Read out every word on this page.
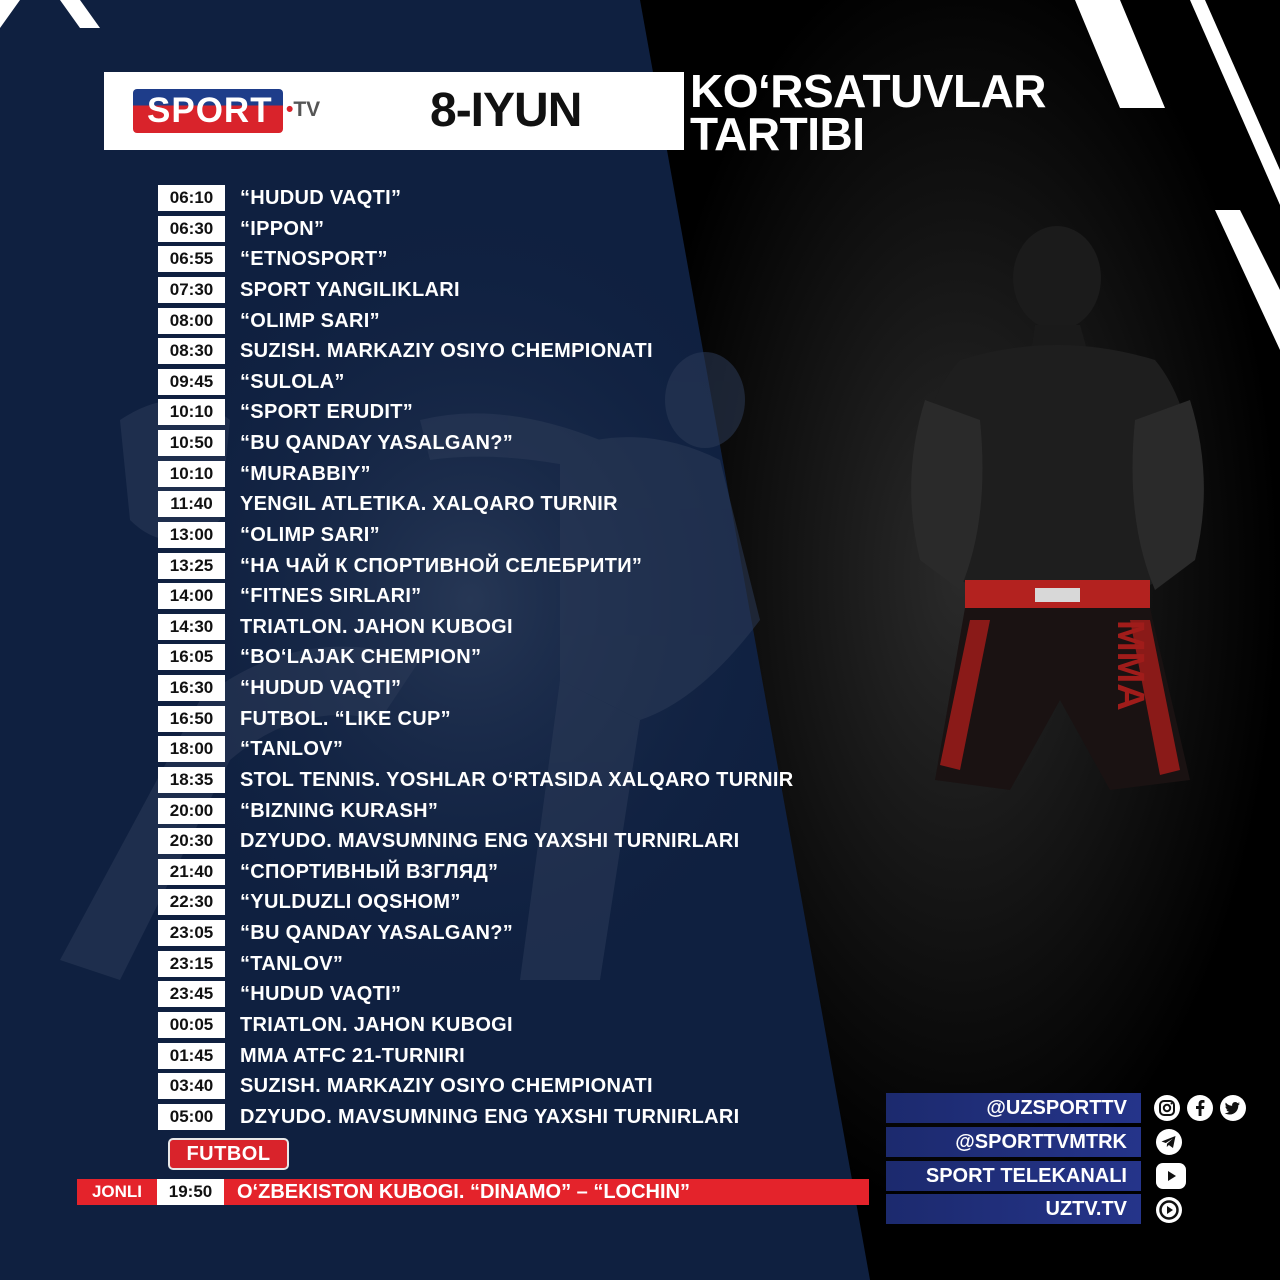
MMA
SPORT •TV 8-IYUN KO‘RSATUVLAR
TARTIBI
06:10	“HUDUD VAQTI”
06:30	“IPPON”
06:55	“ETNOSPORT”
07:30	SPORT YANGILIKLARI
08:00	“OLIMP SARI”
08:30	SUZISH. MARKAZIY OSIYO CHEMPIONATI
09:45	“SULOLA”
10:10	“SPORT ERUDIT”
10:50	“BU QANDAY YASALGAN?”
10:10	“MURABBIY”
11:40	YENGIL ATLETIKA. XALQARO TURNIR
13:00	“OLIMP SARI”
13:25	“НА ЧАЙ К СПОРТИВНОЙ СЕЛЕБРИТИ”
14:00	“FITNES SIRLARI”
14:30	TRIATLON. JAHON KUBOGI
16:05	“BO‘LAJAK CHEMPION”
16:30	“HUDUD VAQTI”
16:50	FUTBOL. “LIKE CUP”
18:00	“TANLOV”
18:35	STOL TENNIS. YOSHLAR O‘RTASIDA XALQARO TURNIR
20:00	“BIZNING KURASH”
20:30	DZYUDO. MAVSUMNING ENG YAXSHI TURNIRLARI
21:40	“СПОРТИВНЫЙ ВЗГЛЯД”
22:30	“YULDUZLI OQSHOM”
23:05	“BU QANDAY YASALGAN?”
23:15	“TANLOV”
23:45	“HUDUD VAQTI”
00:05	TRIATLON. JAHON KUBOGI
01:45	MMA ATFC 21-TURNIRI
03:40	SUZISH. MARKAZIY OSIYO CHEMPIONATI
05:00	DZYUDO. MAVSUMNING ENG YAXSHI TURNIRLARI
FUTBOL
JONLI	19:50	O‘ZBEKISTON KUBOGI. “DINAMO” – “LOCHIN”
@UZSPORTTV
@SPORTTVMTRK
SPORT TELEKANALI
UZTV.TV
